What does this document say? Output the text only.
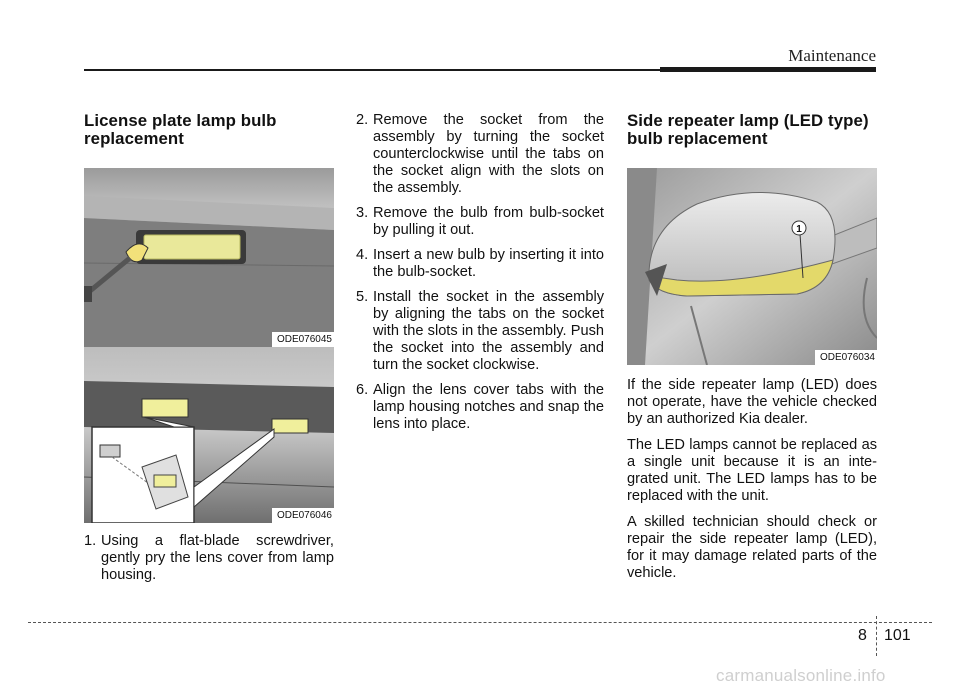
Maintenance
License plate lamp bulb replacement
ODE076045
ODE076046
1. Using a flat-blade screwdriver, gently pry the lens cover from lamp housing.
2. Remove the socket from the assembly by turning the socket counterclockwise until the tabs on the socket align with the slots on the assembly.
3. Remove the bulb from bulb-socket by pulling it out.
4. Insert a new bulb by inserting it into the bulb-socket.
5. Install the socket in the assembly by aligning the tabs on the socket with the slots in the assembly. Push the socket into the assembly and turn the socket clockwise.
6. Align the lens cover tabs with the lamp housing notches and snap the lens into place.
Side repeater lamp (LED type) bulb replacement
1
ODE076034

If the side repeater lamp (LED) does not operate, have the vehicle checked by an authorized Kia dealer.

The LED lamps cannot be replaced as a single unit because it is an inte-grated unit. The LED lamps has to be replaced with the unit.

A skilled technician should check or repair the side repeater lamp (LED), for it may damage related parts of the vehicle.

8 101
carmanualsonline.info
